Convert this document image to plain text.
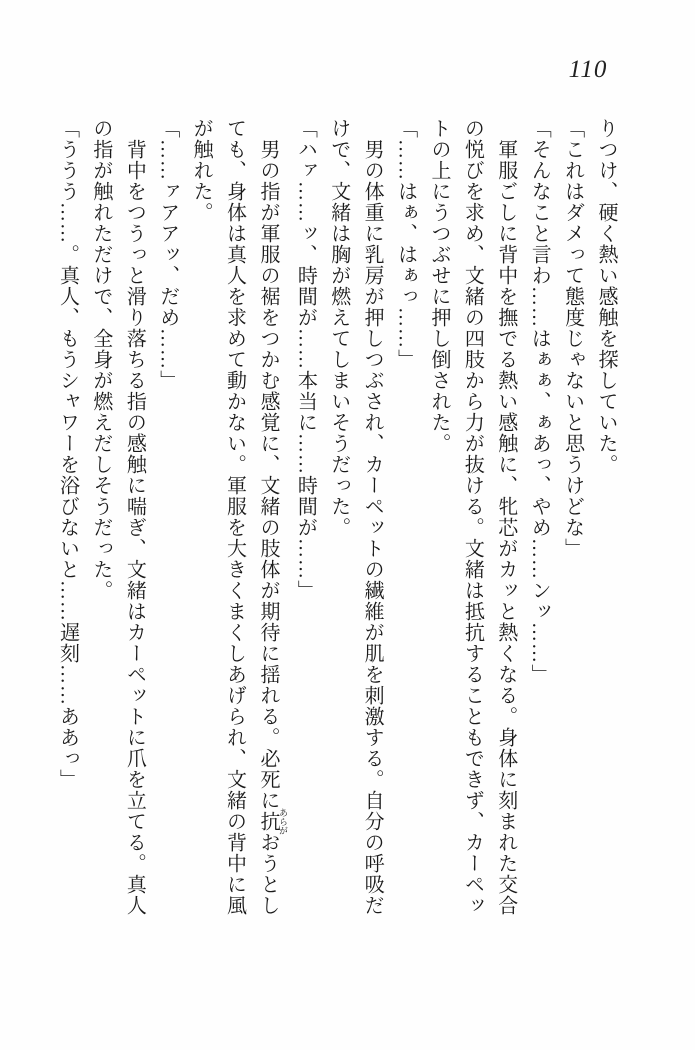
110

りつけ、硬く熱い感触を探していた。

「これはダメって態度じゃないと思うけどな」

「そんなこと言わ……はぁぁ、ぁあっ、やめ……ンッ……」

軍服ごしに背中を撫でる熱い感触に、牝芯がカッと熱くなる。身体に刻まれた交合

の悦びを求め、文緒の四肢から力が抜ける。文緒は抵抗することもできず、カーペッ

トの上にうつぶせに押し倒された。

「……はぁ、はぁっ……」

男の体重に乳房が押しつぶされ、カーペットの繊維が肌を刺激する。自分の呼吸だ

けで、文緒は胸が燃えてしまいそうだった。

「ハァ……ッ、時間が……本当に……時間が……」

男の指が軍服の裾をつかむ感覚に、文緒の肢体が期待に揺れる。必死に抗 あらがおうとし

ても、身体は真人を求めて動かない。軍服を大きくまくしあげられ、文緒の背中に風

が触れた。

「……ァアアッ、だめ……」

背中をつうっと滑り落ちる指の感触に喘ぎ、文緒はカーペットに爪を立てる。真人

の指が触れただけで、全身が燃えだしそうだった。

「ううう……。真人、もうシャワーを浴びないと……遅刻……ああっ」
